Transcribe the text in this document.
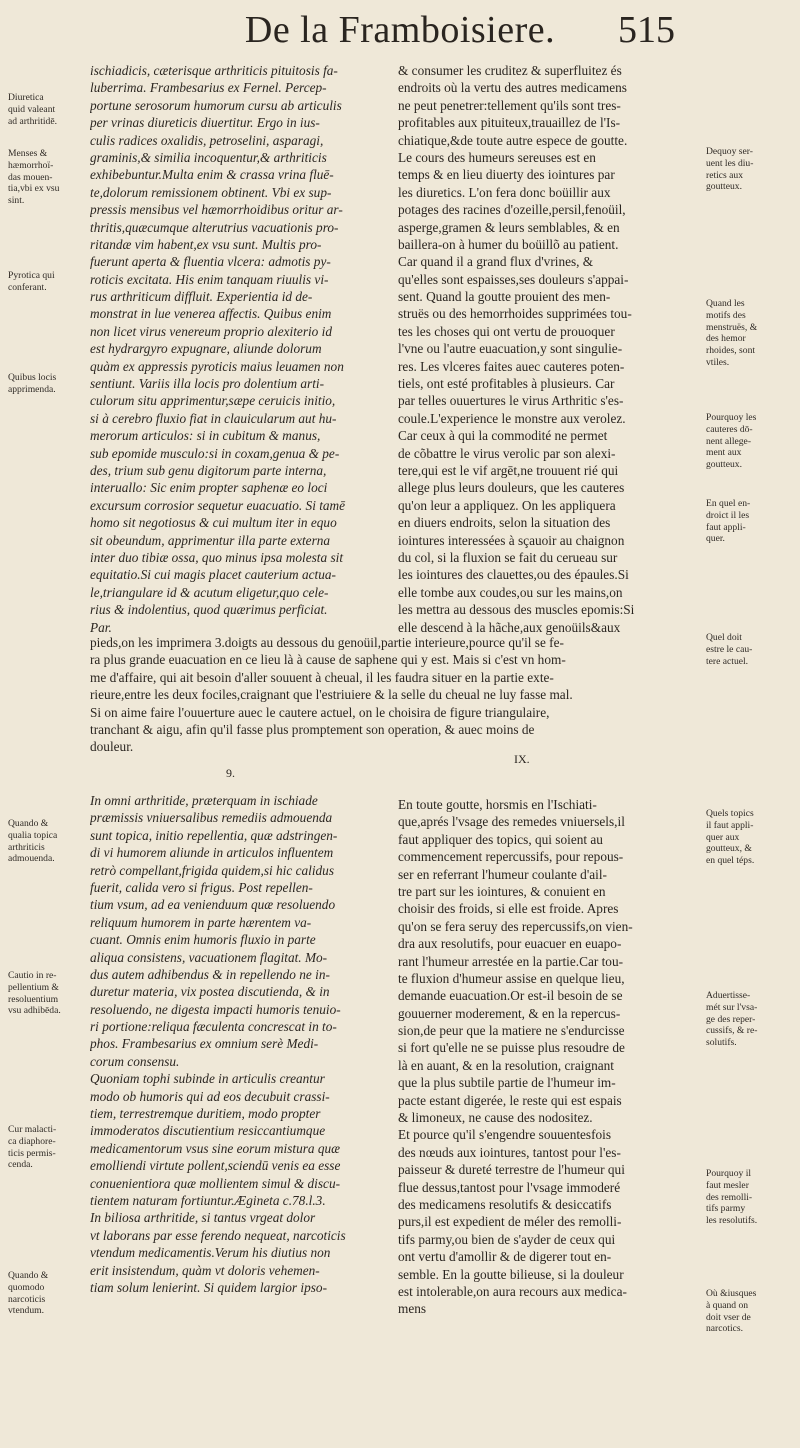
De la Framboisiere.	515
ischiadicis, cæterisque arthriticis pituitosis fa-
luberrima. Frambesarius ex Fernel. Percep-
portune serosorum humorum cursu ab articulis
per vrinas diureticis diuertitur. Ergo in ius-
culis radices oxalidis, petroselini, asparagi,
graminis,& similia incoquentur,& arthriticis
exhibebuntur.Multa enim & crassa vrina fluē-
te,dolorum remissionem obtinent. Vbi ex sup-
pressis mensibus vel hæmorrhoidibus oritur ar-
thritis,quæcumque alterutrius vacuationis pro-
ritandæ vim habent,ex vsu sunt. Multis pro-
fuerunt aperta & fluentia vlcera: admotis py-
roticis excitata. His enim tanquam riuulis vi-
rus arthriticum diffluit. Experientia id de-
monstrat in lue venerea affectis. Quibus enim
non licet virus venereum proprio alexiterio id
est hydrargyro expugnare, aliunde dolorum
quàm ex appressis pyroticis maius leuamen non
sentiunt. Variis illa locis pro dolentium arti-
culorum situ apprimentur,sæpe ceruicis initio,
si à cerebro fluxio fiat in clauicularum aut hu-
merorum articulos: si in cubitum & manus,
sub epomide musculo:si in coxam,genua & pe-
des, trium sub genu digitorum parte interna,
interuallo: Sic enim propter saphenæ eo loci
excursum corrosior sequetur euacuatio. Si tamē
homo sit negotiosus & cui multum iter in equo
sit obeundum, apprimentur illa parte externa
inter duo tibiæ ossa, quo minus ipsa molesta sit
equitatio.Si cui magis placet cauterium actua-
le,triangulare id & acutum eligetur,quo cele-
rius & indolentius, quod quærimus perficiat.
Par.
& consumer les cruditez & superfluitez és
endroits où la vertu des autres medicamens
ne peut penetrer:tellement qu'ils sont tres-
profitables aux pituiteux,trauaillez de l'Is-
chiatique,&de toute autre espece de goutte.
Le cours des humeurs sereuses est en
temps & en lieu diuerty des iointures par
les diuretics. L'on fera donc boüillir aux
potages des racines d'ozeille,persil,fenoüil,
asperge,gramen & leurs semblables, & en
baillera-on à humer du boüillõ au patient.
Car quand il a grand flux d'vrines, &
qu'elles sont espaisses,ses douleurs s'appai-
sent. Quand la goutte prouient des men-
struës ou des hemorrhoides supprimées tou-
tes les choses qui ont vertu de prouoquer
l'vne ou l'autre euacuation,y sont singulie-
res. Les vlceres faites auec cauteres poten-
tiels, ont esté profitables à plusieurs. Car
par telles ouuertures le virus Arthritic s'es-
coule.L'experience le monstre aux verolez.
Car ceux à qui la commodité ne permet
de cõbattre le virus verolic par son alexi-
tere,qui est le vif argēt,ne trouuent rié qui
allege plus leurs douleurs, que les cauteres
qu'on leur a appliquez. On les appliquera
en diuers endroits, selon la situation des
iointures interessées à sçauoir au chaignon
du col, si la fluxion se fait du cerueau sur
les iointures des clauettes,ou des épaules.Si
elle tombe aux coudes,ou sur les mains,on
les mettra au dessous des muscles epomis:Si
elle descend à la hãche,aux genoüils&aux
pieds,on les imprimera 3.doigts au dessous du genoüil,partie interieure,pource qu'il se fe-
ra plus grande euacuation en ce lieu là à cause de saphene qui y est. Mais si c'est vn hom-
me d'affaire, qui ait besoin d'aller souuent à cheual, il les faudra situer en la partie exte-
rieure,entre les deux fociles,craignant que l'estriuiere & la selle du cheual ne luy fasse mal.
Si on aime faire l'ouuerture auec le cautere actuel, on le choisira de figure triangulaire,
tranchant & aigu, afin qu'il fasse plus promptement son operation, & auec moins de
douleur.
9.
IX.
In omni arthritide, præterquam in ischiade
præmissis vniuersalibus remediis admouenda
sunt topica, initio repellentia, quæ adstringen-
di vi humorem aliunde in articulos influentem
retrò compellant,frigida quidem,si hic calidus
fuerit, calida vero si frigus. Post repellen-
tium vsum, ad ea venienduum quæ resoluendo
reliquum humorem in parte hærentem va-
cuant. Omnis enim humoris fluxio in parte
aliqua consistens, vacuationem flagitat. Mo-
dus autem adhibendus & in repellendo ne in-
duretur materia, vix postea discutienda, & in
resoluendo, ne digesta impacti humoris tenuio-
ri portione:reliqua fæculenta concrescat in to-
phos. Frambesarius ex omnium serè Medi-
corum consensu.
Quoniam tophi subinde in articulis creantur
modo ob humoris qui ad eos decubuit crassi-
tiem, terrestremque duritiem, modo propter
immoderatos discutientium resiccantiumque
medicamentorum vsus sine eorum mistura quæ
emolliendi virtute pollent,sciendū venis ea esse
conuenientiora quæ mollientem simul & discu-
tientem naturam fortiuntur.Ægineta c.78.l.3.
In biliosa arthritide, si tantus vrgeat dolor
vt laborans par esse ferendo nequeat, narcoticis
vtendum medicamentis.Verum his diutius non
erit insistendum, quàm vt doloris vehemen-
tiam solum lenierint. Si quidem largior ipso-
En toute goutte, horsmis en l'Ischiati-
que,aprés l'vsage des remedes vniuersels,il
faut appliquer des topics, qui soient au
commencement repercussifs, pour repous-
ser en referrant l'humeur coulante d'ail-
tre part sur les iointures, & conuient en
choisir des froids, si elle est froide. Apres
qu'on se fera seruy des repercussifs,on vien-
dra aux resolutifs, pour euacuer en euapo-
rant l'humeur arrestée en la partie.Car tou-
te fluxion d'humeur assise en quelque lieu,
demande euacuation.Or est-il besoin de se
gouuerner moderement, & en la repercus-
sion,de peur que la matiere ne s'endurcisse
si fort qu'elle ne se puisse plus resoudre de
là en auant, & en la resolution, craignant
que la plus subtile partie de l'humeur im-
pacte estant digerée, le reste qui est espais
& limoneux, ne cause des nodositez.
Et pource qu'il s'engendre souuentesfois
des nœuds aux iointures, tantost pour l'es-
paisseur & dureté terrestre de l'humeur qui
flue dessus,tantost pour l'vsage immoderé
des medicamens resolutifs & desiccatifs
purs,il est expedient de méler des remolli-
tifs parmy,ou bien de s'ayder de ceux qui
ont vertu d'amollir & de digerer tout en-
semble. En la goutte bilieuse, si la douleur
est intolerable,on aura recours aux medica-
mens
Diuretica
quid valeant
ad arthritidē.
Menses &
hæmorrhoï-
das mouen-
tia,vbi ex vsu
sint.
Pyrotica qui
conferant.
Quibus locis
apprimenda.
Quando &
qualia topica
arthriticis
admouenda.
Cautio in re-
pellentium &
resoluentium
vsu adhibēda.
Cur malacti-
ca diaphore-
ticis permis-
cenda.
Quando &
quomodo
narcoticis
vtendum.
Dequoy ser-
uent les diu-
retics aux
goutteux.
Quand les
motifs des
menstruës, &
des hemor
rhoides, sont
vtiles.
Pourquoy les
cauteres dō-
nent allege-
ment aux
goutteux.
En quel en-
droict il les
faut appli-
quer.
Quel doit
estre le cau-
tere actuel.
Quels topics
il faut appli-
quer aux
goutteux, &
en quel téps.
Aduertisse-
mét sur l'vsa-
ge des reper-
cussifs, & re-
solutifs.
Pourquoy il
faut mesler
des remolli-
tifs parmy
les resolutifs.
Où &iusques
à quand on
doit vser de
narcotics.
